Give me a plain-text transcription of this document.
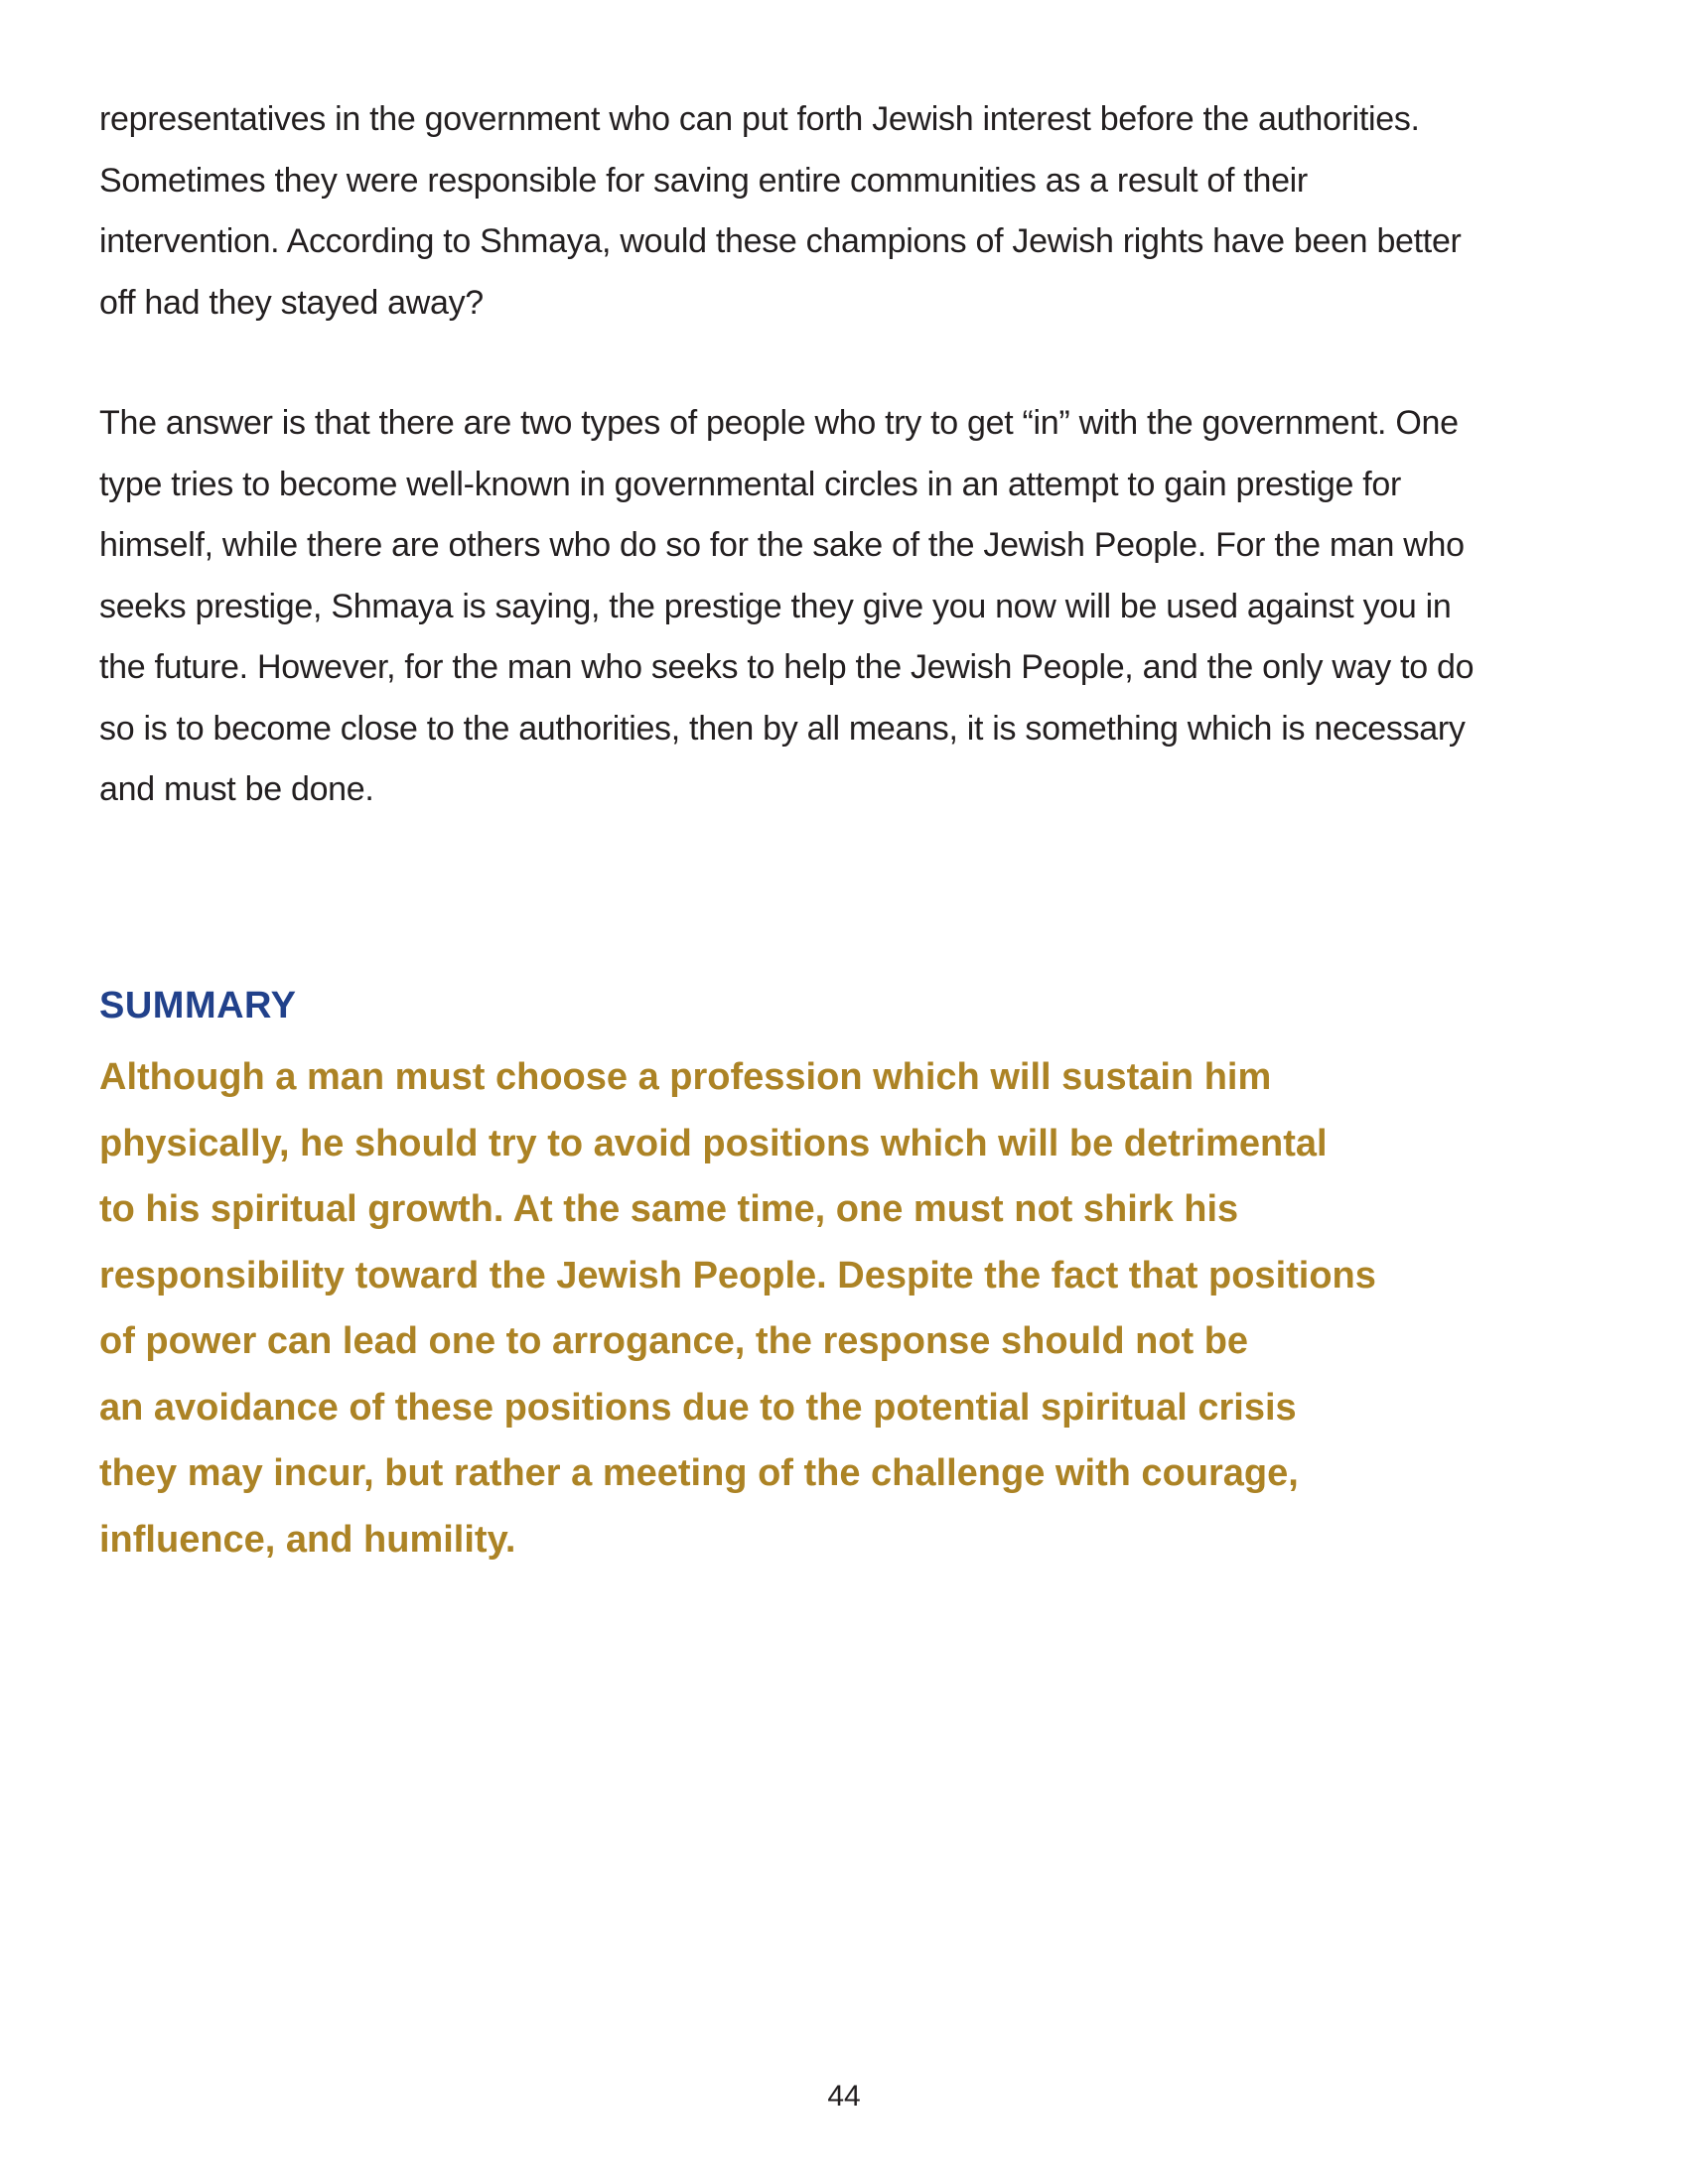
representatives in the government who can put forth Jewish interest before the authorities.
Sometimes they were responsible for saving entire communities as a result of their
intervention. According to Shmaya, would these champions of Jewish rights have been better
off had they stayed away?

The answer is that there are two types of people who try to get “in” with the government. One
type tries to become well-known in governmental circles in an attempt to gain prestige for
himself, while there are others who do so for the sake of the Jewish People. For the man who
seeks prestige, Shmaya is saying, the prestige they give you now will be used against you in
the future. However, for the man who seeks to help the Jewish People, and the only way to do
so is to become close to the authorities, then by all means, it is something which is necessary
and must be done.

SUMMARY

Although a man must choose a profession which will sustain him
physically, he should try to avoid positions which will be detrimental
to his spiritual growth. At the same time, one must not shirk his
responsibility toward the Jewish People. Despite the fact that positions
of power can lead one to arrogance, the response should not be
an avoidance of these positions due to the potential spiritual crisis
they may incur, but rather a meeting of the challenge with courage,
influence, and humility.

44
